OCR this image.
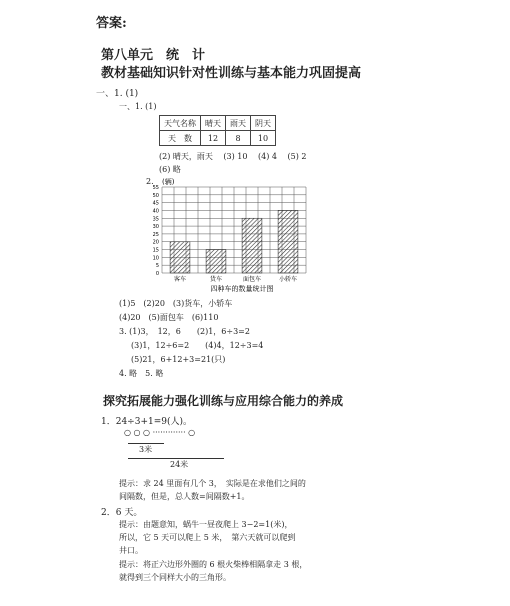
答案:
第八单元　统　计
教材基础知识针对性训练与基本能力巩固提高
一、1. (1)
一、1. (1)
天气名称	晴天	雨天	阴天
天　数	12	8	10
(2) 晴天，雨天　 (3) 10　 (4) 4　 (5) 2
(6) 略
2. (辆)
0
5
10
15
20
25
30
35
40
45
50
55
客车	货车	面包车	小轿车
四种车的数量统计图
(1)5　(2)20　(3)货车，小轿车
(4)20　(5)面包车　(6)110
3. (1)3，　12，6　　(2)1，6÷3=2
(3)1，12÷6=2　　(4)4，12÷3=4
(5)21，6+12+3=21(只)
4. 略　5. 略
探究拓展能力强化训练与应用综合能力的养成
1．24÷3+1=9(人)。
○ ○ ○ ············· ○
3米
24米
提示：求 24 里面有几个 3，　实际是在求他们之间的
间隔数，但是，总人数=间隔数+1。
2．6 天。
提示：由题意知，蜗牛一昼夜爬上 3−2=1(米)，
所以，它 5 天可以爬上 5 米，　第六天就可以爬到
井口。
提示：将正六边形外圈的 6 根火柴棒相隔拿走 3 根，
就得到三个同样大小的三角形。
